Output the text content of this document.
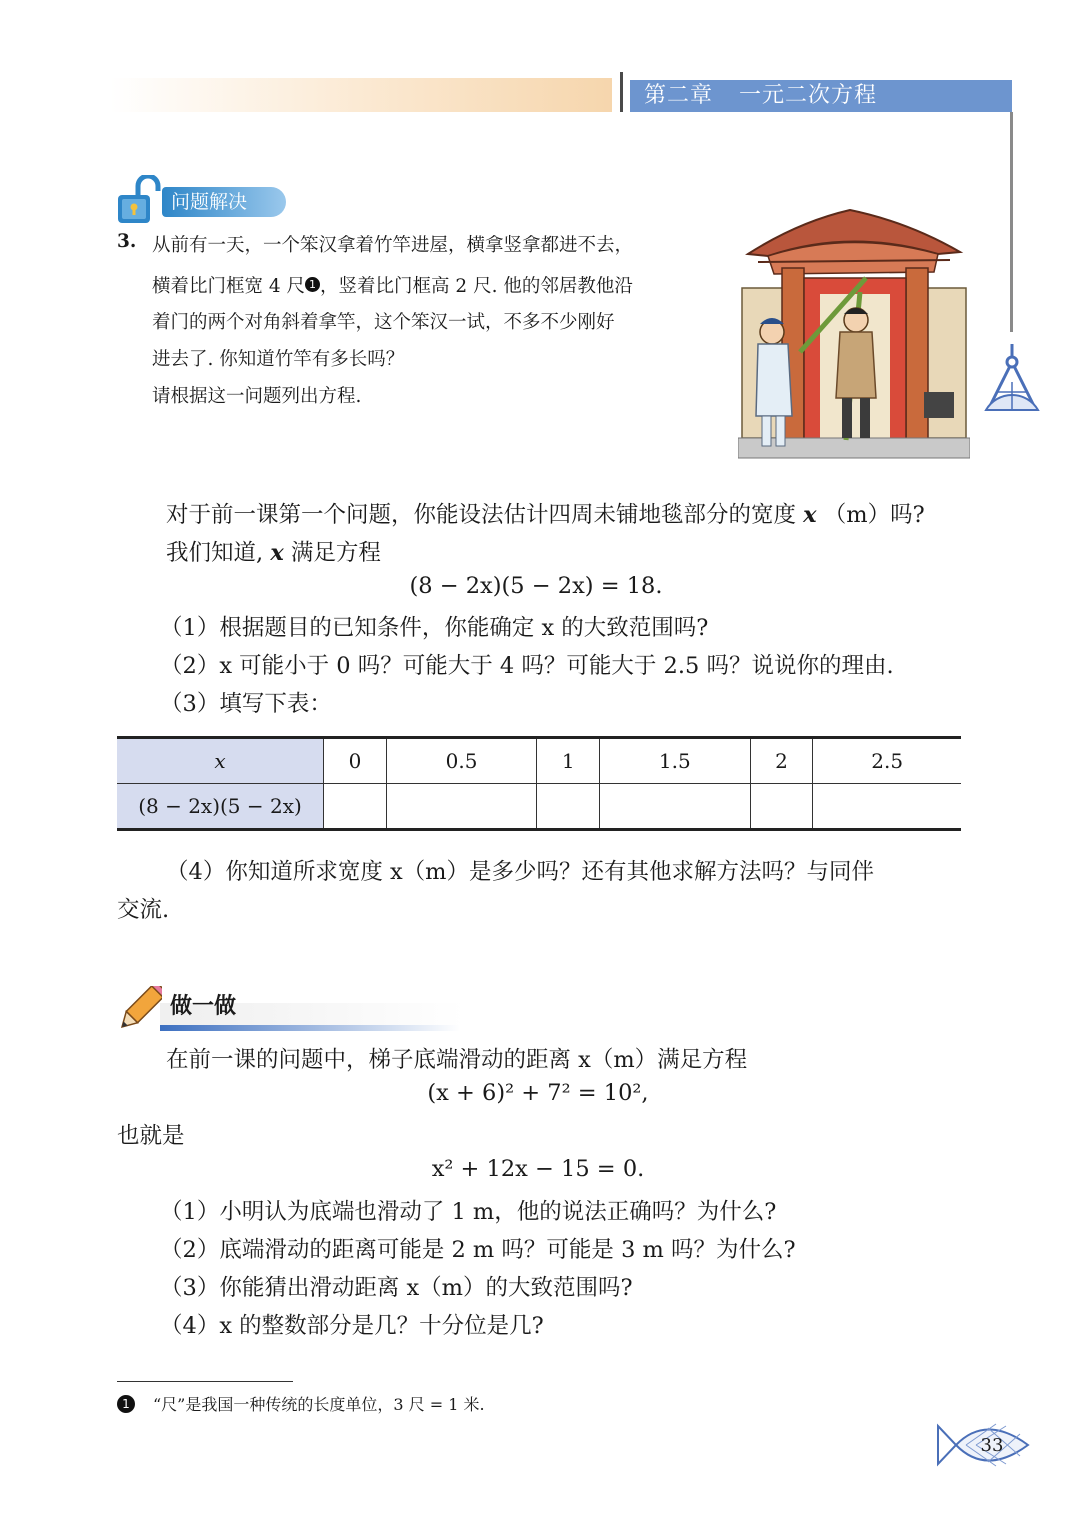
第二章 一元二次方程
问题解决
3. 从前有一天，一个笨汉拿着竹竿进屋，横拿竖拿都进不去，
横着比门框宽 4 尺 1 ，竖着比门框高 2 尺. 他的邻居教他沿
着门的两个对角斜着拿竿，这个笨汉一试，不多不少刚好
进去了. 你知道竹竿有多长吗？
请根据这一问题列出方程.
对于前一课第一个问题，你能设法估计四周未铺地毯部分的宽度 x （m）吗?
我们知道, x 满足方程
(8 − 2x)(5 − 2x) = 18.
（1）根据题目的已知条件，你能确定 x 的大致范围吗?
（2）x 可能小于 0 吗？可能大于 4 吗？可能大于 2.5 吗？说说你的理由.
（3）填写下表：
x	0	0.5	1	1.5	2	2.5
(8 − 2x)(5 − 2x)						
（4）你知道所求宽度 x（m）是多少吗？还有其他求解方法吗？与同伴
交流.
做一做
在前一课的问题中，梯子底端滑动的距离 x（m）满足方程
(x + 6)² + 7² = 10²,
也就是
x² + 12x − 15 = 0.
（1）小明认为底端也滑动了 1 m，他的说法正确吗？为什么?
（2）底端滑动的距离可能是 2 m 吗？可能是 3 m 吗？为什么?
（3）你能猜出滑动距离 x（m）的大致范围吗?
（4）x 的整数部分是几？十分位是几?
1	“尺”是我国一种传统的长度单位，3 尺 = 1 米.
33
